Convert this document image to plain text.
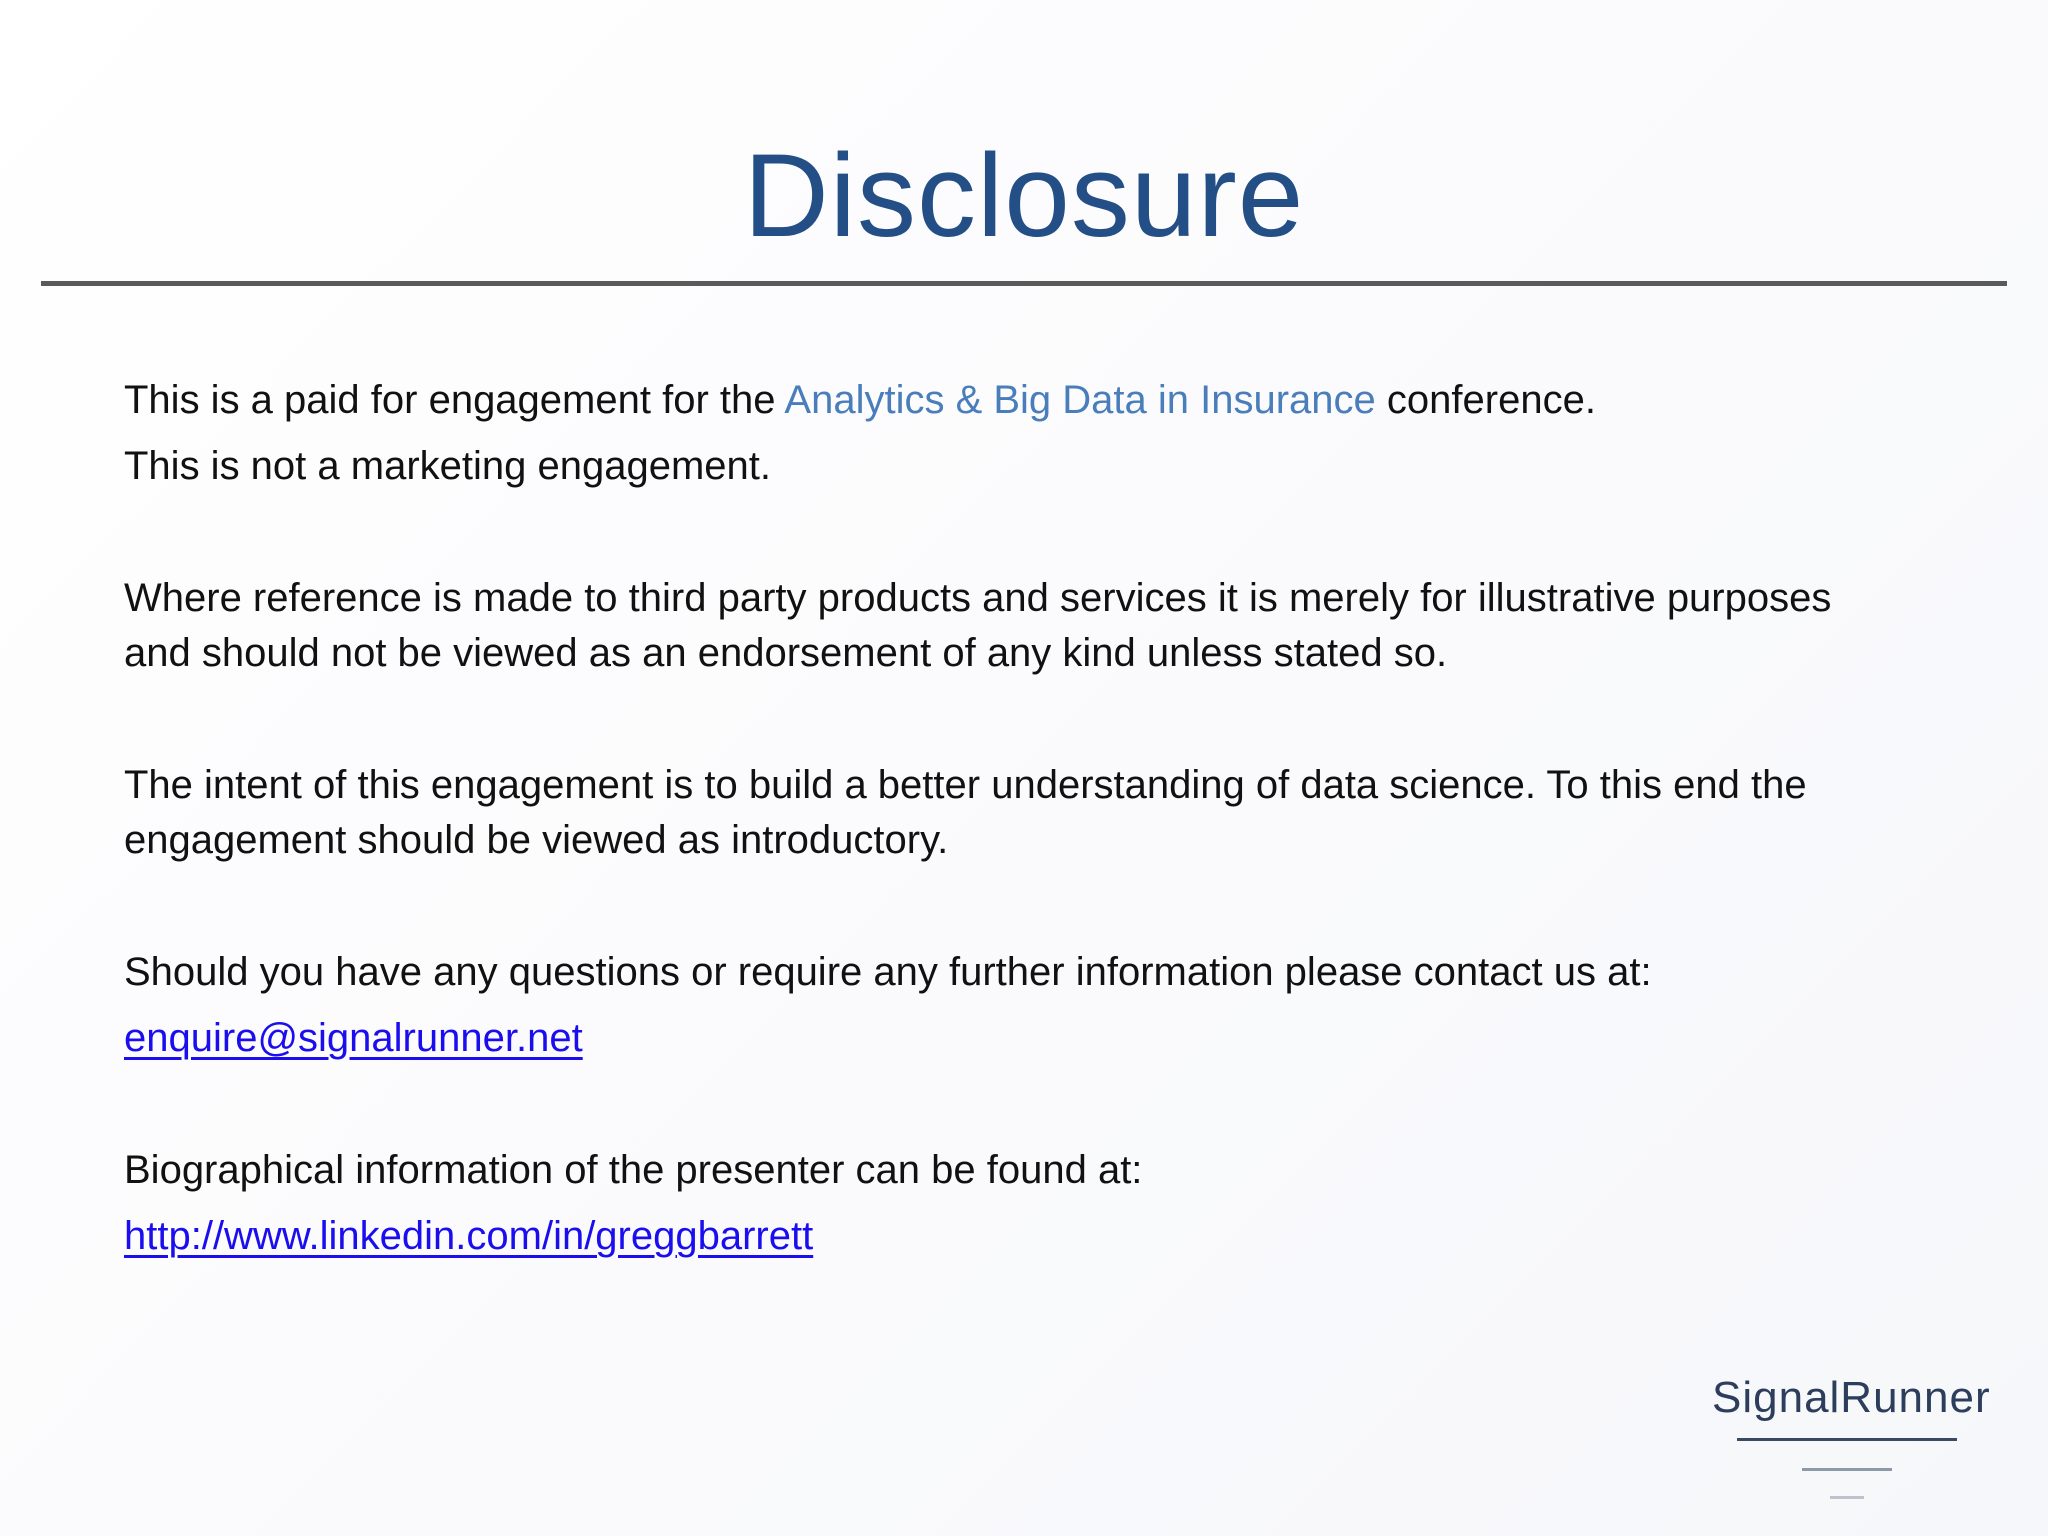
Disclosure
This is a paid for engagement for the Analytics & Big Data in Insurance conference.
This is not a marketing engagement.
Where reference is made to third party products and services it is merely for illustrative purposes
and should not be viewed as an endorsement of any kind unless stated so.
The intent of this engagement is to build a better understanding of data science. To this end the
engagement should be viewed as introductory.
Should you have any questions or require any further information please contact us at:
enquire@signalrunner.net
Biographical information of the presenter can be found at:
http://www.linkedin.com/in/greggbarrett
SignalRunner
